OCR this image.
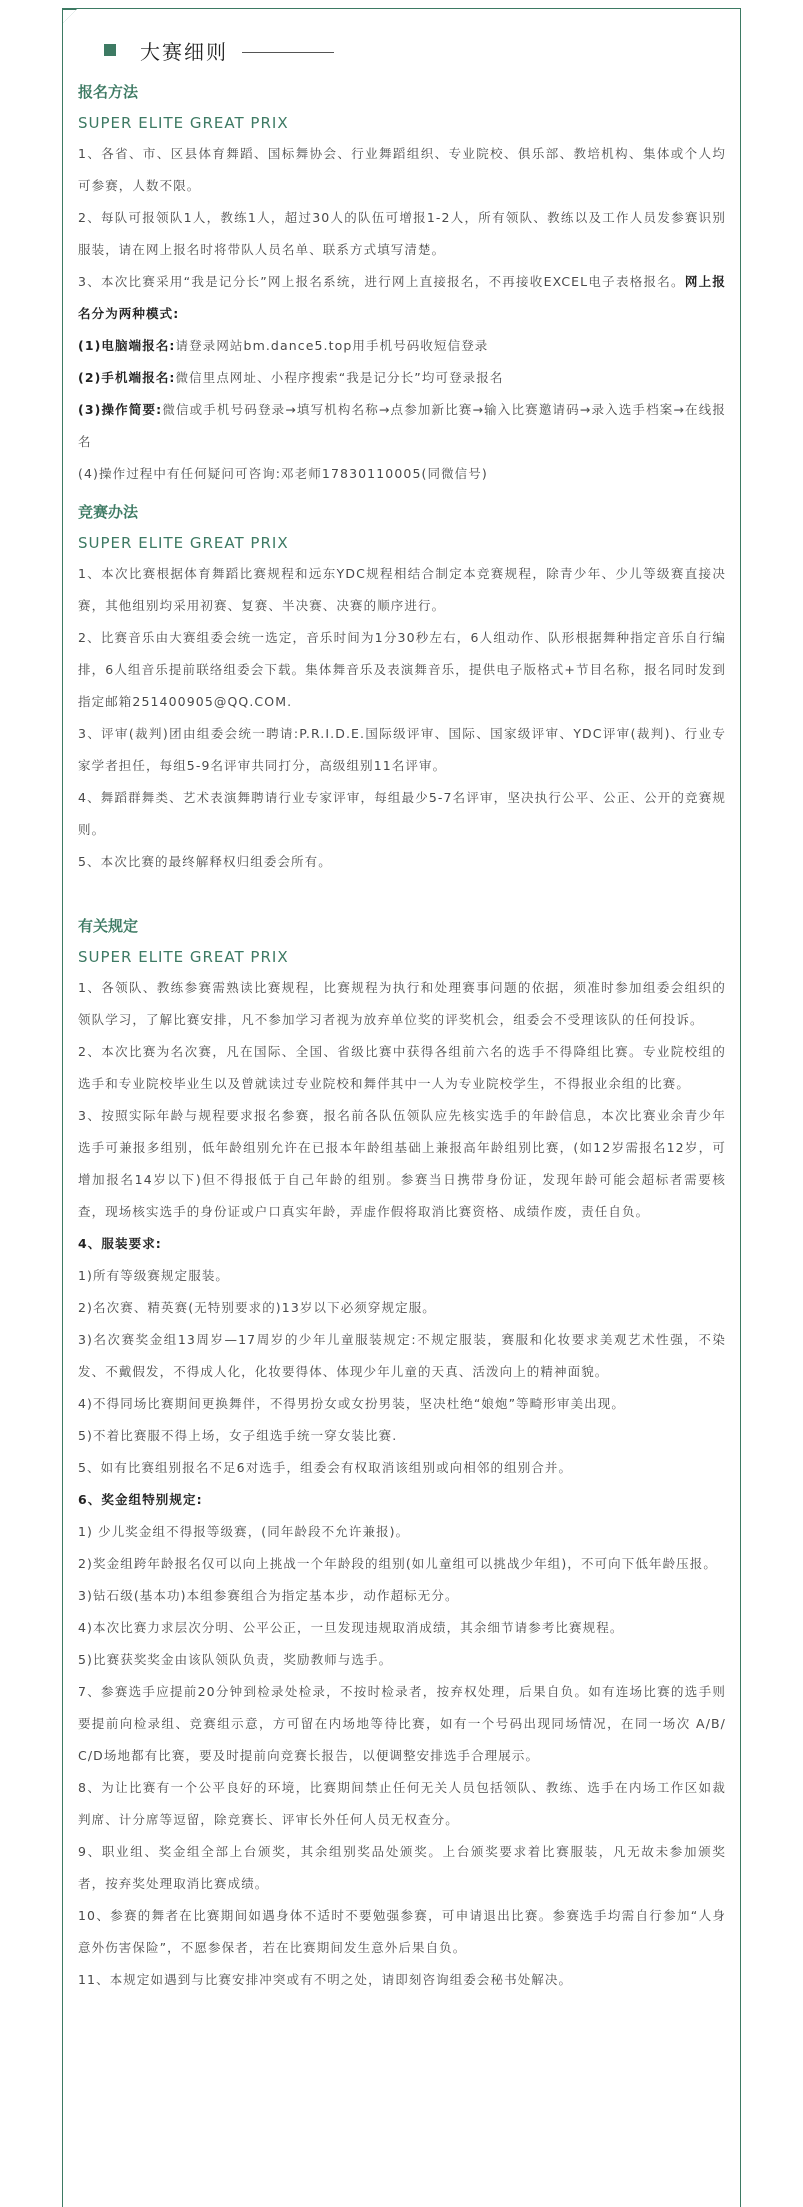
大赛细则
报名方法
SUPER ELITE GREAT PRIX

1、各省、市、区县体育舞蹈、国标舞协会、行业舞蹈组织、专业院校、俱乐部、教培机构、集体或个人均可参赛，人数不限。

2、每队可报领队1人，教练1人，超过30人的队伍可增报1-2人，所有领队、教练以及工作人员发参赛识别服装，请在网上报名时将带队人员名单、联系方式填写清楚。

3、本次比赛采用“我是记分长”网上报名系统，进行网上直接报名，不再接收EXCEL电子表格报名。网上报名分为两种模式:

(1)电脑端报名:请登录网站bm.dance5.top用手机号码收短信登录

(2)手机端报名:微信里点网址、小程序搜索“我是记分长”均可登录报名

(3)操作简要:微信或手机号码登录→填写机构名称→点参加新比赛→输入比赛邀请码→录入选手档案→在线报名

(4)操作过程中有任何疑问可咨询:邓老师17830110005(同微信号)

竞赛办法
SUPER ELITE GREAT PRIX

1、本次比赛根据体育舞蹈比赛规程和远东YDC规程相结合制定本竞赛规程，除青少年、少儿等级赛直接决赛，其他组别均采用初赛、复赛、半决赛、决赛的顺序进行。

2、比赛音乐由大赛组委会统一选定，音乐时间为1分30秒左右，6人组动作、队形根据舞种指定音乐自行编排，6人组音乐提前联络组委会下载。集体舞音乐及表演舞音乐，提供电子版格式+节目名称，报名同时发到指定邮箱251400905@QQ.COM.

3、评审(裁判)团由组委会统一聘请:P.R.I.D.E.国际级评审、国际、国家级评审、YDC评审(裁判)、行业专家学者担任，每组5-9名评审共同打分，高级组别11名评审。

4、舞蹈群舞类、艺术表演舞聘请行业专家评审，每组最少5-7名评审，坚决执行公平、公正、公开的竞赛规则。

5、本次比赛的最终解释权归组委会所有。

有关规定
SUPER ELITE GREAT PRIX

1、各领队、教练参赛需熟读比赛规程，比赛规程为执行和处理赛事问题的依据，须准时参加组委会组织的领队学习，了解比赛安排，凡不参加学习者视为放弃单位奖的评奖机会，组委会不受理该队的任何投诉。

2、本次比赛为名次赛，凡在国际、全国、省级比赛中获得各组前六名的选手不得降组比赛。专业院校组的选手和专业院校毕业生以及曾就读过专业院校和舞伴其中一人为专业院校学生，不得报业余组的比赛。

3、按照实际年龄与规程要求报名参赛，报名前各队伍领队应先核实选手的年龄信息，本次比赛业余青少年选手可兼报多组别，低年龄组别允许在已报本年龄组基础上兼报高年龄组别比赛，(如12岁需报名12岁，可增加报名14岁以下)但不得报低于自己年龄的组别。参赛当日携带身份证，发现年龄可能会超标者需要核查，现场核实选手的身份证或户口真实年龄，弄虚作假将取消比赛资格、成绩作废，责任自负。

4、服装要求:

1)所有等级赛规定服装。

2)名次赛、精英赛(无特别要求的)13岁以下必须穿规定服。

3)名次赛奖金组13周岁—17周岁的少年儿童服装规定:不规定服装，赛服和化妆要求美观艺术性强，不染发、不戴假发，不得成人化，化妆要得体、体现少年儿童的天真、活泼向上的精神面貌。

4)不得同场比赛期间更换舞伴，不得男扮女或女扮男装，坚决杜绝“娘炮”等畸形审美出现。

5)不着比赛服不得上场，女子组选手统一穿女装比赛.

5、如有比赛组别报名不足6对选手，组委会有权取消该组别或向相邻的组别合并。

6、奖金组特别规定:

1) 少儿奖金组不得报等级赛，(同年龄段不允许兼报)。

2)奖金组跨年龄报名仅可以向上挑战一个年龄段的组别(如儿童组可以挑战少年组)，不可向下低年龄压报。

3)钻石级(基本功)本组参赛组合为指定基本步，动作超标无分。

4)本次比赛力求层次分明、公平公正，一旦发现违规取消成绩，其余细节请参考比赛规程。

5)比赛获奖奖金由该队领队负责，奖励教师与选手。

7、参赛选手应提前20分钟到检录处检录，不按时检录者，按弃权处理，后果自负。如有连场比赛的选手则要提前向检录组、竞赛组示意，方可留在内场地等待比赛，如有一个号码出现同场情况，在同一场次 A/B/C/D场地都有比赛，要及时提前向竞赛长报告，以便调整安排选手合理展示。

8、为让比赛有一个公平良好的环境，比赛期间禁止任何无关人员包括领队、教练、选手在内场工作区如裁判席、计分席等逗留，除竞赛长、评审长外任何人员无权查分。

9、职业组、奖金组全部上台颁奖，其余组别奖品处颁奖。上台颁奖要求着比赛服装，凡无故未参加颁奖者，按弃奖处理取消比赛成绩。

10、参赛的舞者在比赛期间如遇身体不适时不要勉强参赛，可申请退出比赛。参赛选手均需自行参加“人身意外伤害保险”，不愿参保者，若在比赛期间发生意外后果自负。

11、本规定如遇到与比赛安排冲突或有不明之处，请即刻咨询组委会秘书处解决。
